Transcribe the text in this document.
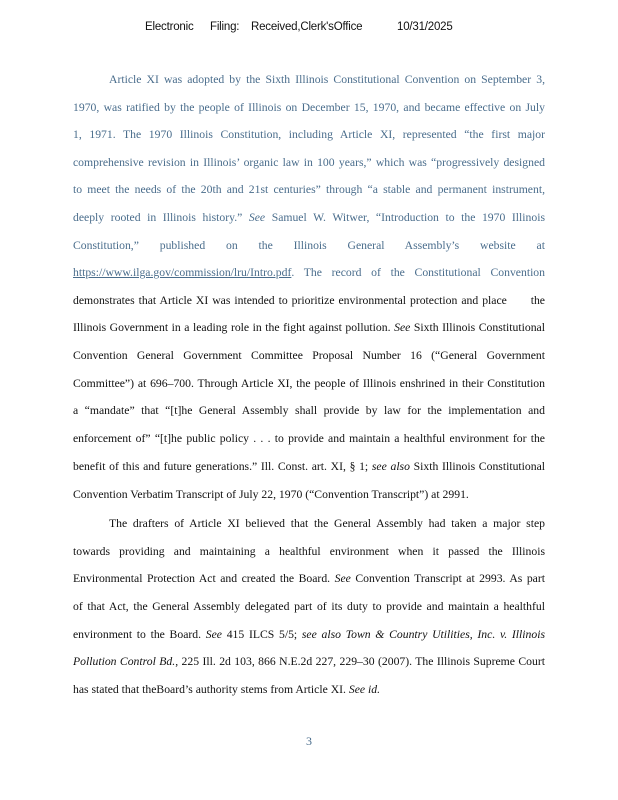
Electronic Filing: Received,Clerk'sOffice	10/31/2025
Article XI was adopted by the Sixth Illinois Constitutional Convention on September 3,
1970, was ratified by the people of Illinois on December 15, 1970, and became effective on July
1, 1971. The 1970 Illinois Constitution, including Article XI, represented “the first major
comprehensive revision in Illinois’ organic law in 100 years,” which was “progressively designed
to meet the needs of the 20th and 21st centuries” through “a stable and permanent instrument,
deeply rooted in Illinois history.” See Samuel W. Witwer, “Introduction to the 1970 Illinois
Constitution,” published on the Illinois General Assembly’s website at
https://www.ilga.gov/commission/lru/Intro.pdf. The record of the Constitutional Convention
demonstrates that Article XI was intended to prioritize environmental protection and place      the
Illinois Government in a leading role in the fight against pollution. See Sixth Illinois Constitutional
Convention General Government Committee Proposal Number 16 (“General Government
Committee”) at 696–700. Through Article XI, the people of Illinois enshrined in their Constitution
a “mandate” that “[t]he General Assembly shall provide by law for the implementation and
enforcement of” “[t]he public policy . . . to provide and maintain a healthful environment for the
benefit of this and future generations.” Ill. Const. art. XI, § 1; see also Sixth Illinois Constitutional
Convention Verbatim Transcript of July 22, 1970 (“Convention Transcript”) at 2991.
The drafters of Article XI believed that the General Assembly had taken a major step
towards providing and maintaining a healthful environment when it passed the Illinois
Environmental Protection Act and created the Board. See Convention Transcript at 2993. As part
of that Act, the General Assembly delegated part of its duty to provide and maintain a healthful
environment to the Board. See 415 ILCS 5/5; see also Town & Country Utilities, Inc. v. Illinois
Pollution Control Bd., 225 Ill. 2d 103, 866 N.E.2d 227, 229–30 (2007). The Illinois Supreme Court
has stated that theBoard’s authority stems from Article XI. See id.
3
